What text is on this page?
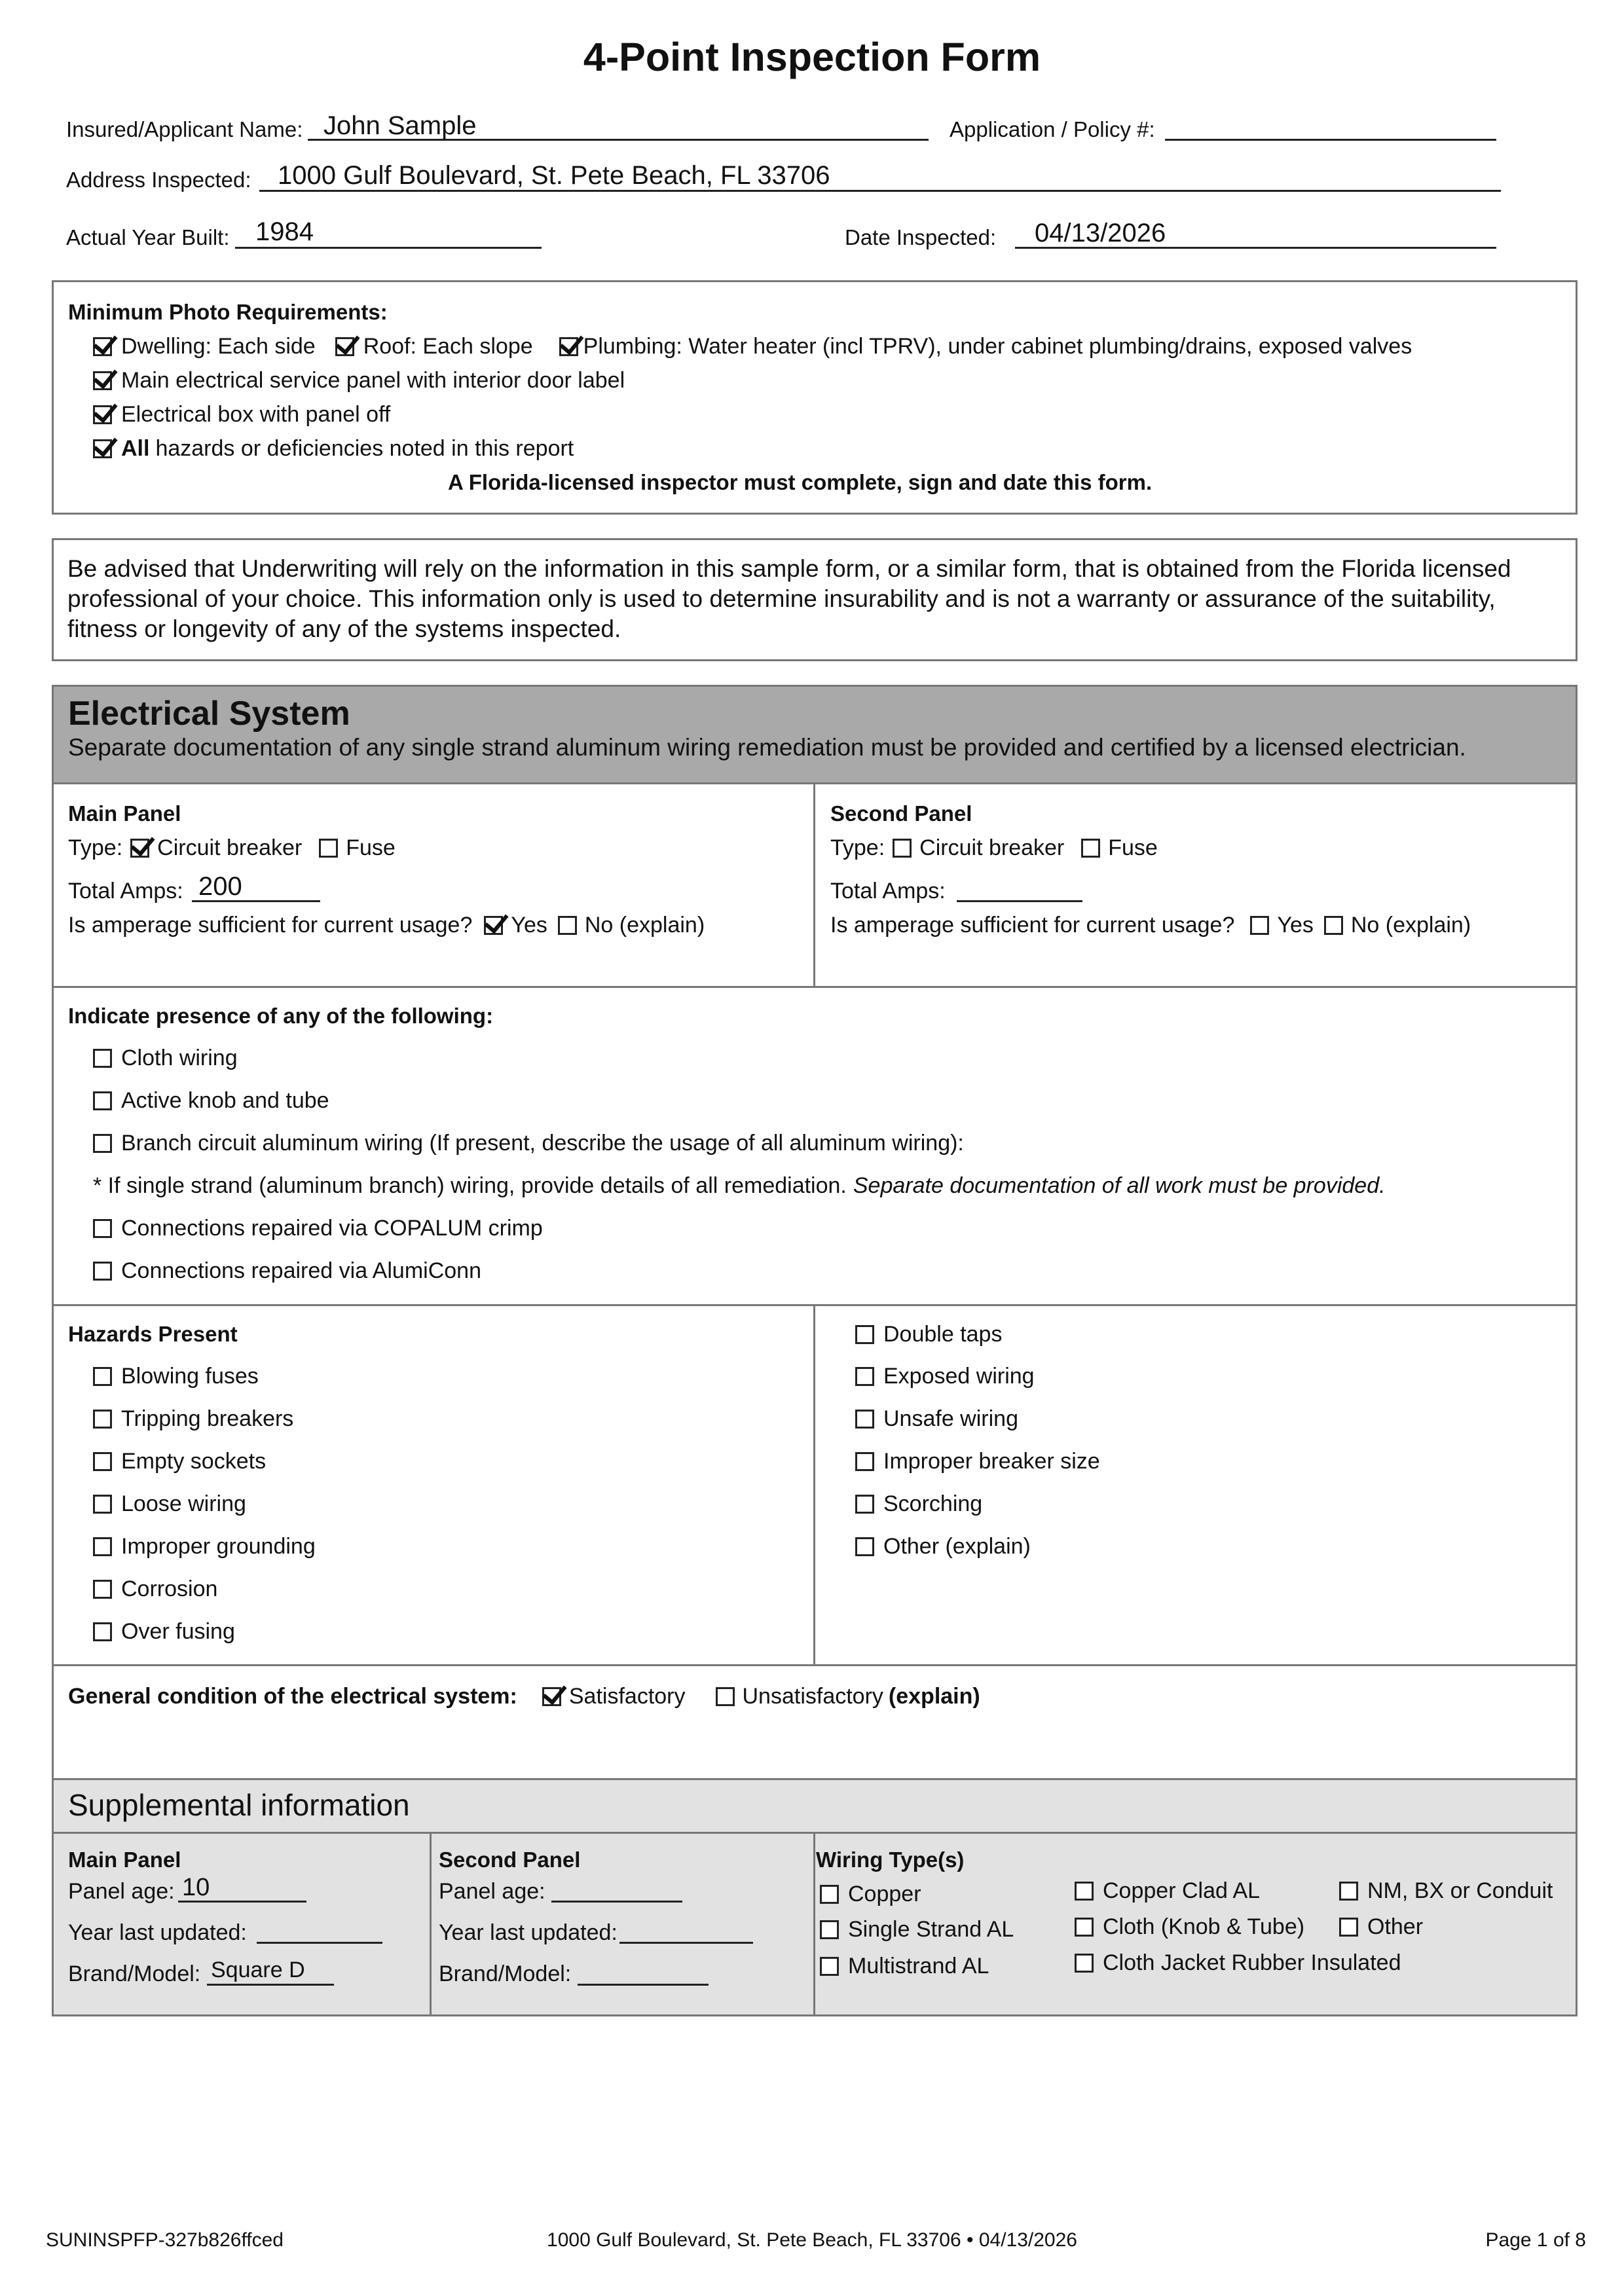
4-Point Inspection Form
Insured/Applicant Name: John Sample	Application / Policy #:
Address Inspected: 1000 Gulf Boulevard, St. Pete Beach, FL 33706
Actual Year Built: 1984	Date Inspected: 04/13/2026
Minimum Photo Requirements:
Dwelling: Each side Roof: Each slope Plumbing: Water heater (incl TPRV), under cabinet plumbing/drains, exposed valves
Main electrical service panel with interior door label
Electrical box with panel off
All hazards or deficiencies noted in this report
A Florida-licensed inspector must complete, sign and date this form.
Be advised that Underwriting will rely on the information in this sample form, or a similar form, that is obtained from the Florida licensed professional of your choice. This information only is used to determine insurability and is not a warranty or assurance of the suitability, fitness or longevity of any of the systems inspected.
Electrical System
Separate documentation of any single strand aluminum wiring remediation must be provided and certified by a licensed electrician.
Main Panel
Type: Circuit breaker Fuse
Total Amps: 200
Is amperage sufficient for current usage? Yes No (explain)
Second Panel
Type: Circuit breaker Fuse
Total Amps:
Is amperage sufficient for current usage? Yes No (explain)
Indicate presence of any of the following:
Cloth wiring
Active knob and tube
Branch circuit aluminum wiring (If present, describe the usage of all aluminum wiring):
* If single strand (aluminum branch) wiring, provide details of all remediation. Separate documentation of all work must be provided.
Connections repaired via COPALUM crimp
Connections repaired via AlumiConn
Hazards Present
Blowing fuses
Tripping breakers
Empty sockets
Loose wiring
Improper grounding
Corrosion
Over fusing
Double taps
Exposed wiring
Unsafe wiring
Improper breaker size
Scorching
Other (explain)
General condition of the electrical system: Satisfactory	Unsatisfactory (explain)
Supplemental information
Main Panel
Panel age: 10
Year last updated:
Brand/Model: Square D
Second Panel
Panel age:
Year last updated:
Brand/Model:
Wiring Type(s)
Copper
Single Strand AL
Multistrand AL
Copper Clad AL
Cloth (Knob & Tube)
Cloth Jacket Rubber Insulated
NM, BX or Conduit
Other
SUNINSPFP-327b826ffced	1000 Gulf Boulevard, St. Pete Beach, FL 33706 • 04/13/2026	Page 1 of 8
